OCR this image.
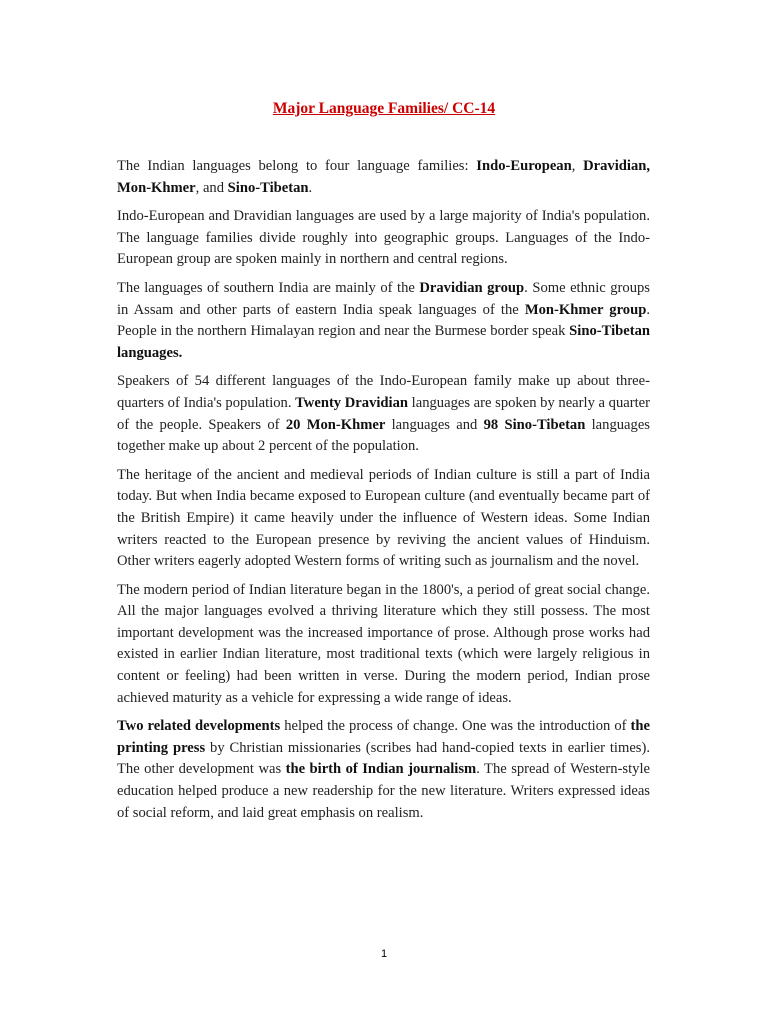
Major Language Families/ CC-14

The Indian languages belong to four language families: Indo-European, Dravidian, Mon-Khmer, and Sino-Tibetan.

Indo-European and Dravidian languages are used by a large majority of India's population. The language families divide roughly into geographic groups. Languages of the Indo-European group are spoken mainly in northern and central regions.

The languages of southern India are mainly of the Dravidian group. Some ethnic groups in Assam and other parts of eastern India speak languages of the Mon-Khmer group. People in the northern Himalayan region and near the Burmese border speak Sino-Tibetan languages.

Speakers of 54 different languages of the Indo-European family make up about three-quarters of India's population. Twenty Dravidian languages are spoken by nearly a quarter of the people. Speakers of 20 Mon-Khmer languages and 98 Sino-Tibetan languages together make up about 2 percent of the population.

The heritage of the ancient and medieval periods of Indian culture is still a part of India today. But when India became exposed to European culture (and eventually became part of the British Empire) it came heavily under the influence of Western ideas. Some Indian writers reacted to the European presence by reviving the ancient values of Hinduism. Other writers eagerly adopted Western forms of writing such as journalism and the novel.

The modern period of Indian literature began in the 1800's, a period of great social change. All the major languages evolved a thriving literature which they still possess. The most important development was the increased importance of prose. Although prose works had existed in earlier Indian literature, most traditional texts (which were largely religious in content or feeling) had been written in verse. During the modern period, Indian prose achieved maturity as a vehicle for expressing a wide range of ideas.

Two related developments helped the process of change. One was the introduction of the printing press by Christian missionaries (scribes had hand-copied texts in earlier times). The other development was the birth of Indian journalism. The spread of Western-style education helped produce a new readership for the new literature. Writers expressed ideas of social reform, and laid great emphasis on realism.

1
